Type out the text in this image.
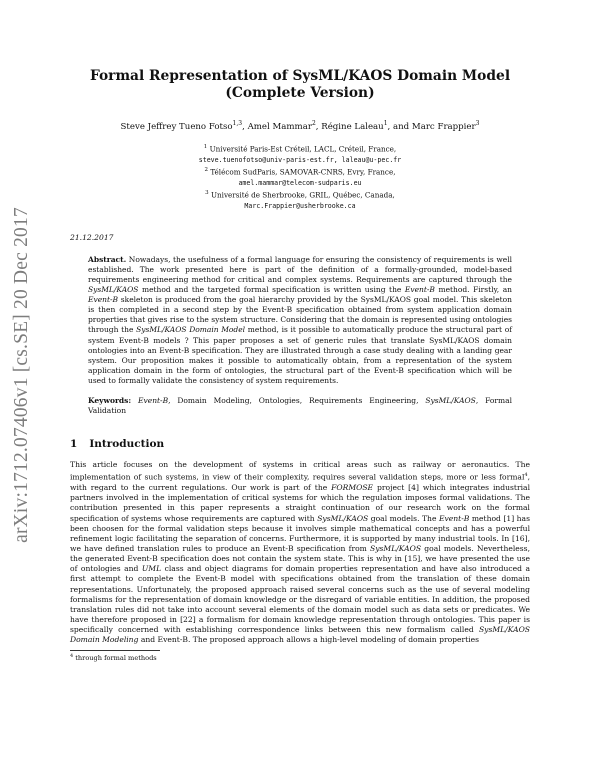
arXiv:1712.07406v1 [cs.SE] 20 Dec 2017
Formal Representation of SysML/KAOS Domain Model
(Complete Version)
Steve Jeffrey Tueno Fotso$^{1,3}$, Amel Mammar$^2$, Régine Laleau$^1$, and Marc Frappier$^3$
$^1$ Université Paris-Est Créteil, LACL, Créteil, France,
steve.tuenofotso@univ-paris-est.fr, laleau@u-pec.fr
$^2$ Télécom SudParis, SAMOVAR-CNRS, Evry, France,
amel.mammar@telecom-sudparis.eu
$^3$ Université de Sherbrooke, GRIL, Québec, Canada,
Marc.Frappier@usherbrooke.ca
21.12.2017
Abstract. Nowadays, the usefulness of a formal language for ensuring the consistency of requirements is well established. The work presented here is part of the definition of a formally-grounded, model-based requirements engineering method for critical and complex systems. Requirements are captured through the SysML/KAOS method and the targeted formal specification is written using the Event-B method. Firstly, an Event-B skeleton is produced from the goal hierarchy provided by the SysML/KAOS goal model. This skeleton is then completed in a second step by the Event-B specification obtained from system application domain properties that gives rise to the system structure. Considering that the domain is represented using ontologies through the SysML/KAOS Domain Model method, is it possible to automatically produce the structural part of system Event-B models ? This paper proposes a set of generic rules that translate SysML/KAOS domain ontologies into an Event-B specification. They are illustrated through a case study dealing with a landing gear system. Our proposition makes it possible to automatically obtain, from a representation of the system application domain in the form of ontologies, the structural part of the Event-B specification which will be used to formally validate the consistency of system requirements.
Keywords: Event-B, Domain Modeling, Ontologies, Requirements Engineering, SysML/KAOS, Formal Validation
1 Introduction
This article focuses on the development of systems in critical areas such as railway or aeronautics. The implementation of such systems, in view of their complexity, requires several validation steps, more or less formal$^4$, with regard to the current regulations. Our work is part of the FORMOSE project [4] which integrates industrial partners involved in the implementation of critical systems for which the regulation imposes formal validations. The contribution presented in this paper represents a straight continuation of our research work on the formal specification of systems whose requirements are captured with SysML/KAOS goal models. The Event-B method [1] has been choosen for the formal validation steps because it involves simple mathematical concepts and has a powerful refinement logic facilitating the separation of concerns. Furthermore, it is supported by many industrial tools. In [16], we have defined translation rules to produce an Event-B specification from SysML/KAOS goal models. Nevertheless, the generated Event-B specification does not contain the system state. This is why in [15], we have presented the use of ontologies and UML class and object diagrams for domain properties representation and have also introduced a first attempt to complete the Event-B model with specifications obtained from the translation of these domain representations. Unfortunately, the proposed approach raised several concerns such as the use of several modeling formalisms for the representation of domain knowledge or the disregard of variable entities. In addition, the proposed translation rules did not take into account several elements of the domain model such as data sets or predicates. We have therefore proposed in [22] a formalism for domain knowledge representation through ontologies. This paper is specifically concerned with establishing correspondence links between this new formalism called SysML/KAOS Domain Modeling and Event-B. The proposed approach allows a high-level modeling of domain properties
$^4$ through formal methods
